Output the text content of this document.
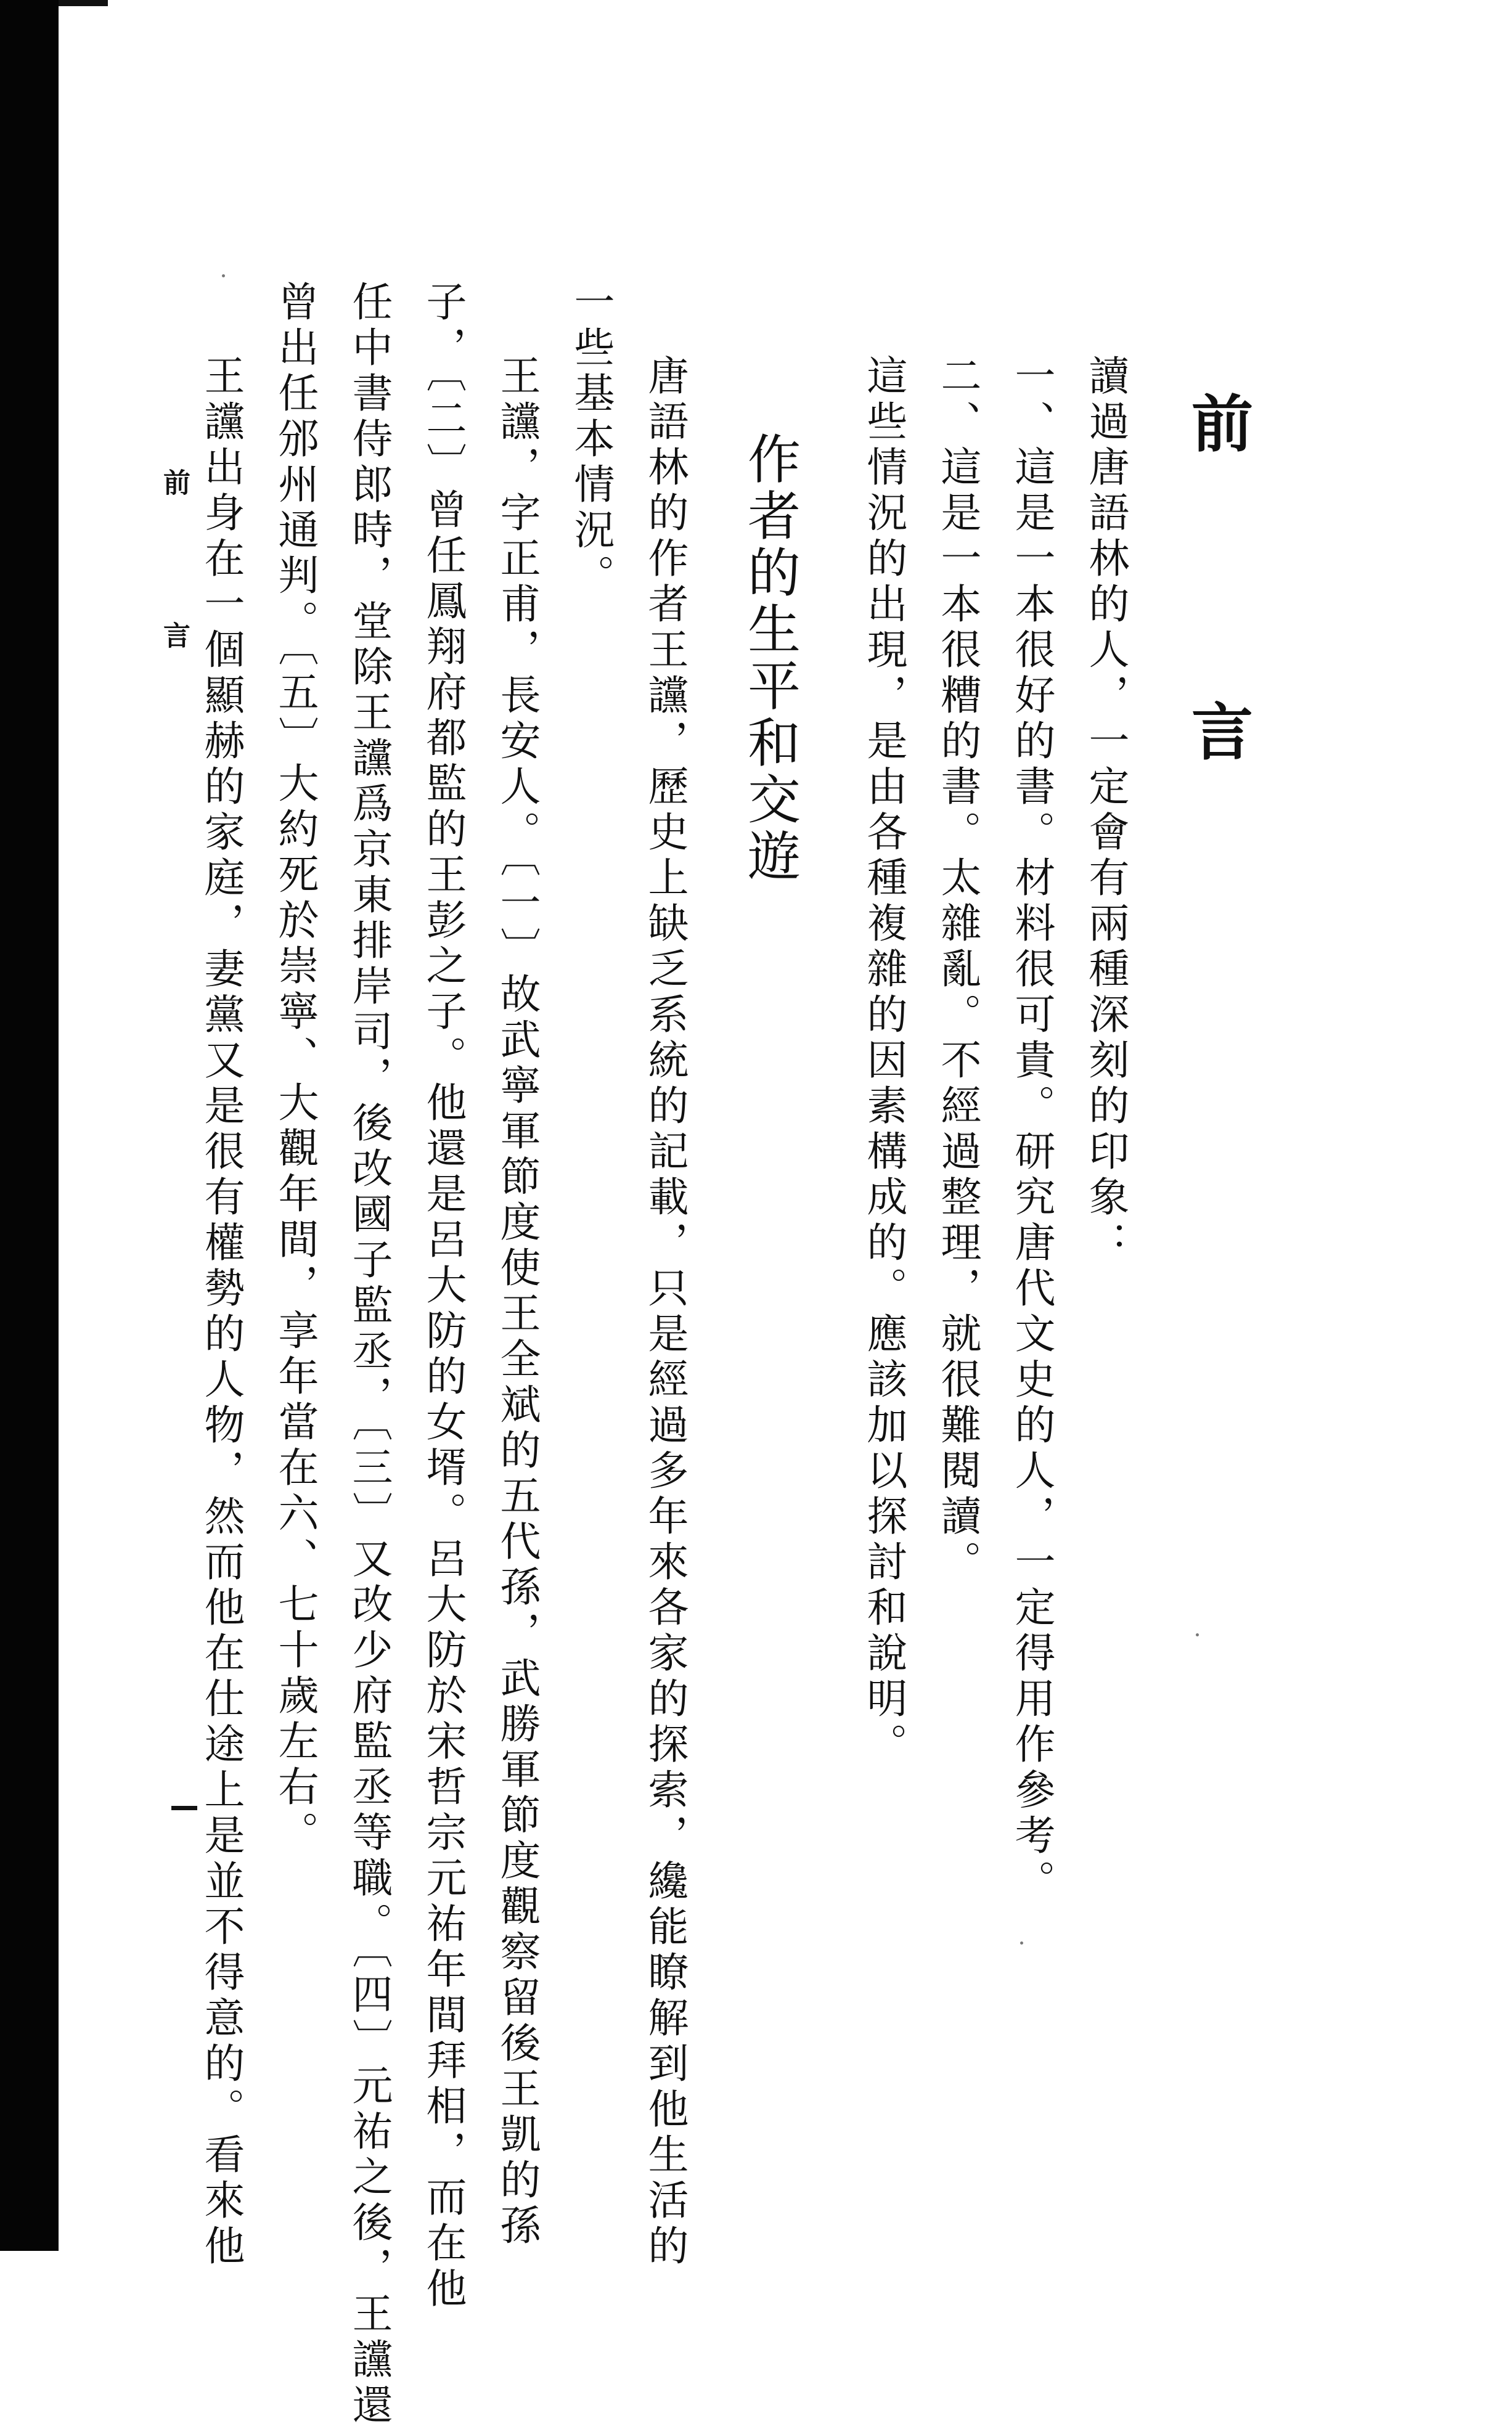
前　言
讀過唐語林的人，一定會有兩種深刻的印象：
一、這是一本很好的書。材料很可貴。研究唐代文史的人，一定得用作參考。
二、這是一本很糟的書。太雜亂。不經過整理，就很難閱讀。
這些情況的出現，是由各種複雜的因素構成的。應該加以探討和說明。
作者的生平和交遊
唐語林的作者王讜，歷史上缺乏系統的記載，只是經過多年來各家的探索，纔能瞭解到他生活的
一些基本情況。
王讜，字正甫，長安人。〔一〕故武寧軍節度使王全斌的五代孫，武勝軍節度觀察留後王凱的孫
子，〔二〕曾任鳳翔府都監的王彭之子。他還是呂大防的女壻。呂大防於宋哲宗元祐年間拜相，而在他
任中書侍郎時，堂除王讜爲京東排岸司，後改國子監丞，〔三〕又改少府監丞等職。〔四〕元祐之後，王讜還
曾出任邠州通判。〔五〕大約死於崇寧、大觀年間，享年當在六、七十歲左右。
王讜出身在一個顯赫的家庭，妻黨又是很有權勢的人物，然而他在仕途上是並不得意的。看來他
前　言
